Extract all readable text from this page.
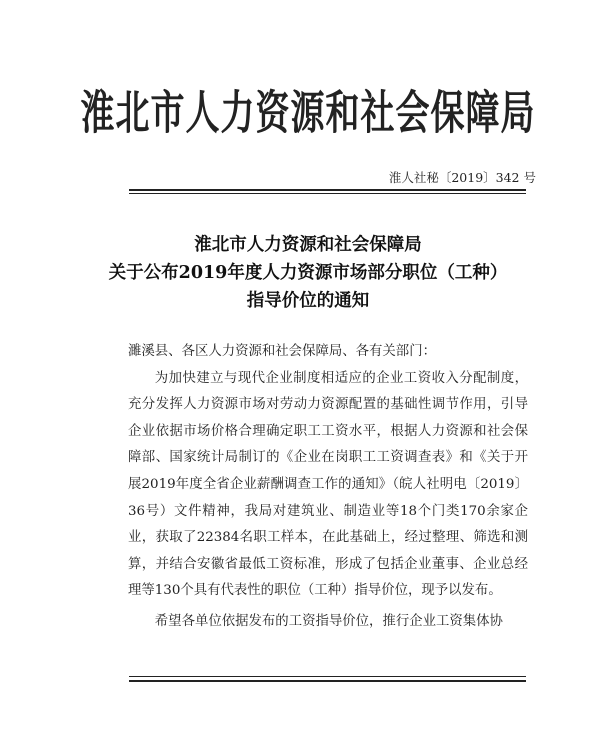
淮北市人力资源和社会保障局
淮人社秘〔2019〕342 号
淮北市人力资源和社会保障局
关于公布2019年度人力资源市场部分职位（工种）
指导价位的通知

濉溪县、各区人力资源和社会保障局、各有关部门：

为加快建立与现代企业制度相适应的企业工资收入分配制度，充分发挥人力资源市场对劳动力资源配置的基础性调节作用，引导企业依据市场价格合理确定职工工资水平，根据人力资源和社会保障部、国家统计局制订的《企业在岗职工工资调查表》和《关于开展2019年度全省企业薪酬调查工作的通知》（皖人社明电〔2019〕36号）文件精神，我局对建筑业、制造业等18个门类170余家企业，获取了22384名职工样本，在此基础上，经过整理、筛选和测算，并结合安徽省最低工资标准，形成了包括企业董事、企业总经理等130个具有代表性的职位（工种）指导价位，现予以发布。

希望各单位依据发布的工资指导价位，推行企业工资集体协
